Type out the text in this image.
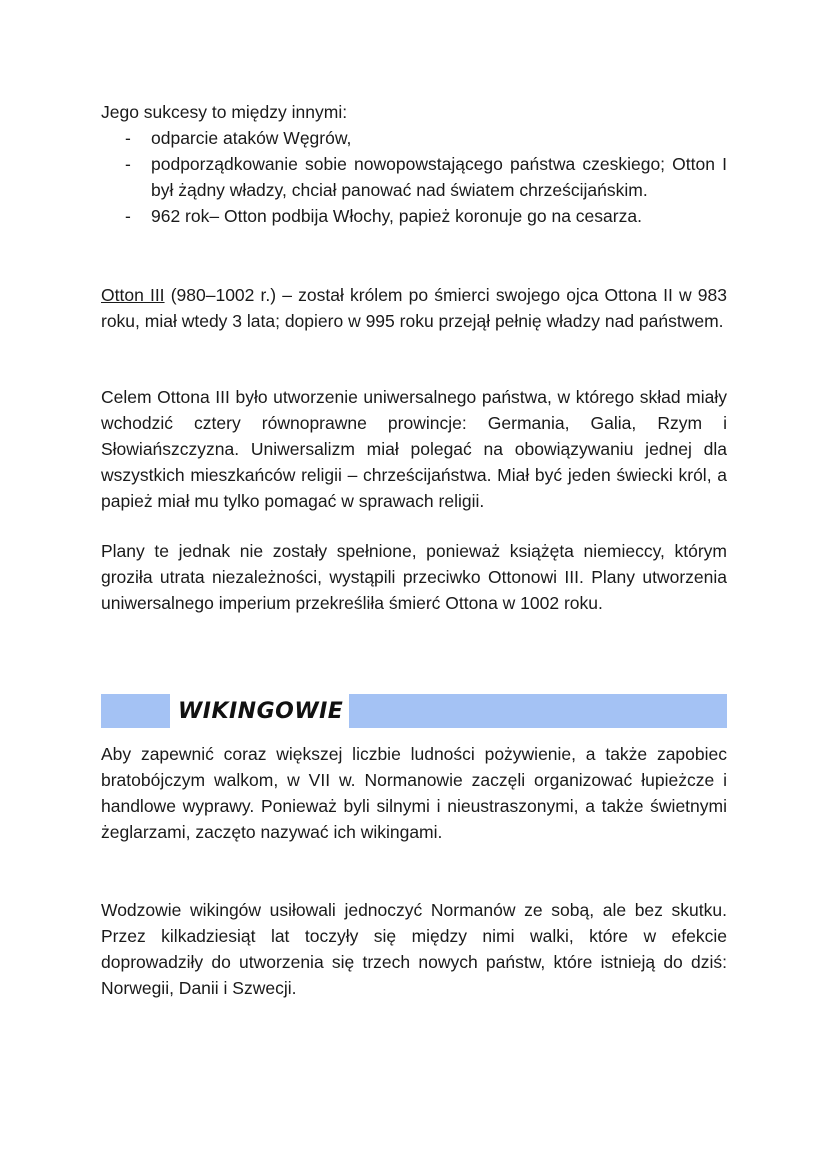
Jego sukcesy to między innymi:
- odparcie ataków Węgrów,
- podporządkowanie sobie nowopowstającego państwa czeskiego; Otton I był żądny władzy, chciał panować nad światem chrześcijańskim.
- 962 rok– Otton podbija Włochy, papież koronuje go na cesarza.
Otton III (980–1002 r.) – został królem po śmierci swojego ojca Ottona II w 983 roku, miał wtedy 3 lata; dopiero w 995 roku przejął pełnię władzy nad państwem.
Celem Ottona III było utworzenie uniwersalnego państwa, w którego skład miały wchodzić cztery równoprawne prowincje: Germania, Galia, Rzym i Słowiańszczyzna. Uniwersalizm miał polegać na obowiązywaniu jednej dla wszystkich mieszkańców religii – chrześcijaństwa. Miał być jeden świecki król, a papież miał mu tylko pomagać w sprawach religii.
Plany te jednak nie zostały spełnione, ponieważ książęta niemieccy, którym groziła utrata niezależności, wystąpili przeciwko Ottonowi III. Plany utworzenia uniwersalnego imperium przekreśliła śmierć Ottona w 1002 roku.
WIKINGOWIE
Aby zapewnić coraz większej liczbie ludności pożywienie, a także zapobiec bratobójczym walkom, w VII w. Normanowie zaczęli organizować łupieżcze i handlowe wyprawy. Ponieważ byli silnymi i nieustraszonymi, a także świetnymi żeglarzami, zaczęto nazywać ich wikingami.
Wodzowie wikingów usiłowali jednoczyć Normanów ze sobą, ale bez skutku. Przez kilkadziesiąt lat toczyły się między nimi walki, które w efekcie doprowadziły do utworzenia się trzech nowych państw, które istnieją do dziś: Norwegii, Danii i Szwecji.
